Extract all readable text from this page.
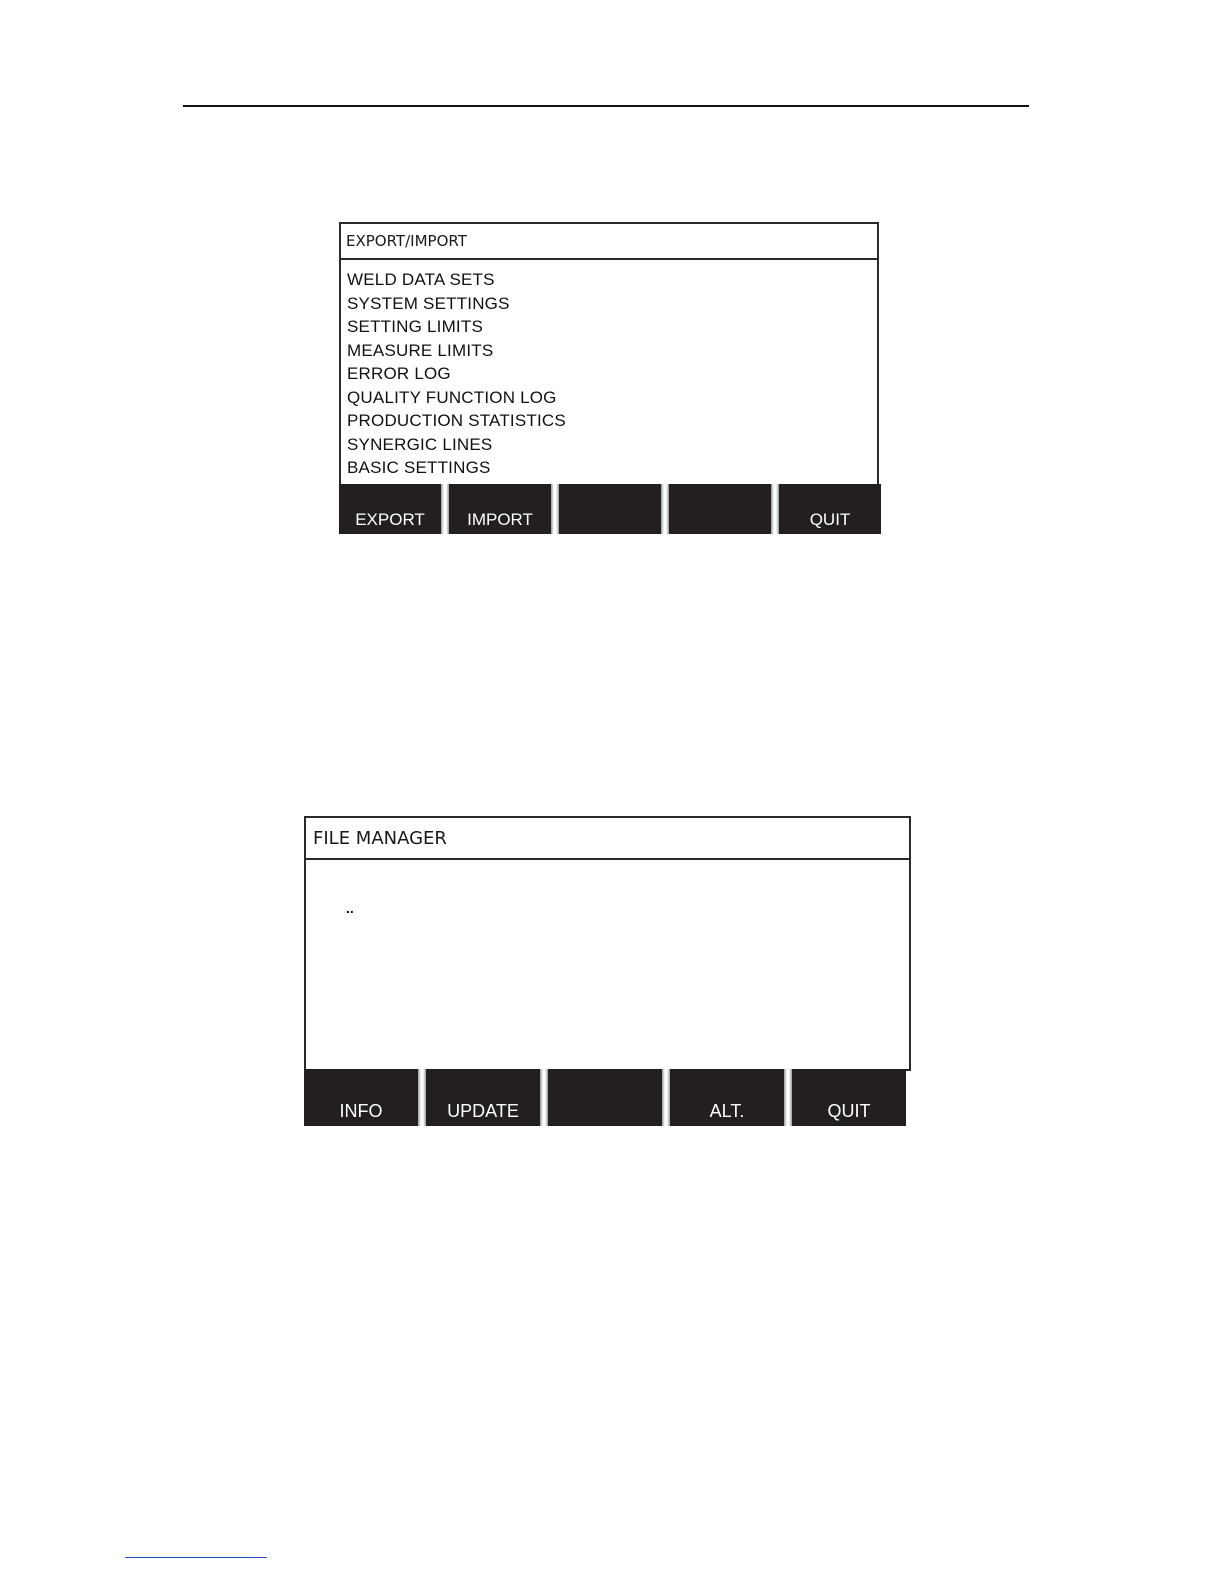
EXPORT/IMPORT
WELD DATA SETS
SYSTEM SETTINGS
SETTING LIMITS
MEASURE LIMITS
ERROR LOG
QUALITY FUNCTION LOG
PRODUCTION STATISTICS
SYNERGIC LINES
BASIC SETTINGS
EXPORT	IMPORT	QUIT
FILE MANAGER
..
INFO	UPDATE	ALT.	QUIT
